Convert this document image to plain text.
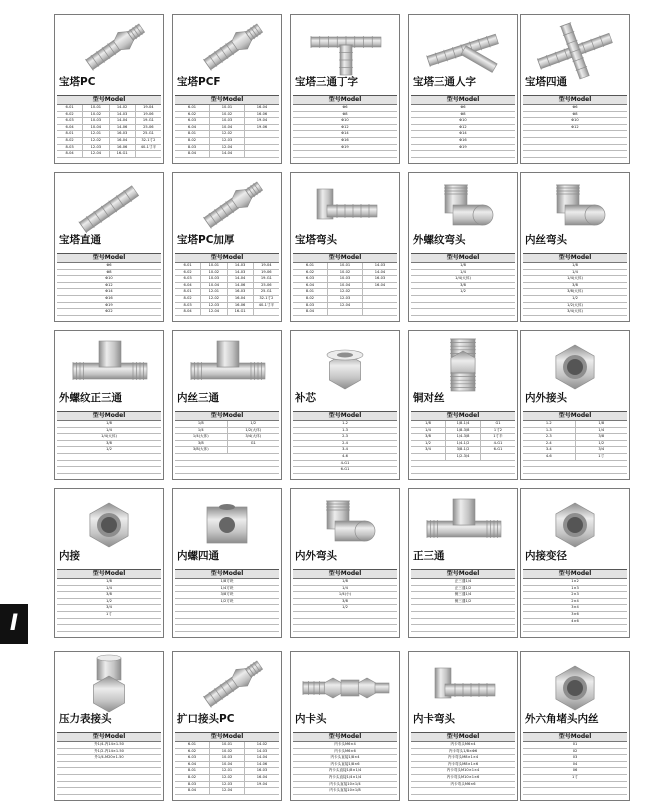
宝塔PC
型号Model
6-01	10-01	14-02	19-04
6-02	10-02	14-03	19-06
6-03	10-03	14-04	19-G1
6-04	10-04	14-06	25-06
8-01	12-01	16-03	25-G1
8-02	12-02	16-04	32-1寸2
8-03	12-03	16-06	40-1寸半
8-04	12-04	16-G1
宝塔PCF
型号Model
6-01	10-01	16-04
6-02	10-02	16-06
6-03	10-03	19-04
6-04	10-04	19-06
8-01	12-02
8-02	12-03
8-03	12-04
8-04	14-04
宝塔三通丁字
型号Model
Φ6
Φ8
Φ10
Φ12
Φ14
Φ16
Φ19
宝塔三通人字
型号Model
Φ6
Φ8
Φ10
Φ12
Φ14
Φ16
Φ19
宝塔四通
型号Model
Φ6
Φ8
Φ10
Φ12
宝塔直通
型号Model
Φ6
Φ8
Φ10
Φ12
Φ14
Φ16
Φ19
Φ22
宝塔PC加厚
型号Model
6-01	10-01	14-03	19-04
6-02	10-02	14-03	19-06
6-03	10-03	14-04	19-G1
6-04	10-04	14-06	25-06
8-01	12-01	16-03	25-G1
8-02	12-02	16-04	32-1寸2
8-03	12-03	16-06	40-1寸半
8-04	12-04	16-G1
宝塔弯头
型号Model
6-01	10-01	14-03
6-02	10-02	14-04
6-03	10-03	16-03
6-04	10-04	16-04
8-01	12-02
8-02	12-03
8-03	12-04
8-04
外螺纹弯头
型号Model
1/8
1/4
1/4(大体)
3/8
1/2
内丝弯头
型号Model
1/8
1/4
1/4(大体)
3/8
3/8(大体)
1/2
1/2(大体)
3/4(大体)
外螺纹正三通
型号Model
1/8
1/4
1/4(大体)
3/8
1/2
内丝三通
型号Model
1/8	1/2
1/4	1/2(大体)
1/4(大体)	3/4(大体)
3/8	G1
3/8(大体)
补芯
型号Model
1-2
1-3
2-3
2-4
3-4
4-6
4-G1
6-G1
铜对丝
型号Model
1/8	1/8-1/4	G1
1/4	1/8-3/8	1寸2
3/8	1/4-3/8	1寸半
1/2	1/4-1/2	4-G1
3/4	3/8-1/2	6-G1
1/2-3/4
内外接头
型号Model
1-2	1/8
1-3	1/4
2-3	3/8
2-4	1/2
3-4	3/4
4-6	1寸
内接
型号Model
1/8
1/4
3/8
1/2
3/4
1寸
内螺四通
型号Model
1/8方块
1/4方块
3/8方块
1/2方块
内外弯头
型号Model
1/8
1/4
1/4(小)
3/8
1/2
正三通
型号Model
正三通1/4
正三通1/2
侧三通1/4
侧三通1/2
内接变径
型号Model
1×2
1×3
2×3
2×4
3×4
3×6
4×6
压力表接头
型号Model
外1/4-内14×1.50
外1/2-内14×1.50
外1/4-M20×1.50
扩口接头PC
型号Model
6-01	10-01	14-02
6-02	10-02	14-03
6-03	10-03	14-04
6-04	10-04	14-06
8-01	12-01	16-03
8-02	12-02	16-04
8-03	12-03	19-04
8-04	12-04
内卡头
型号Model
内卡头M6×4
内卡头M6×6
内卡头直接1/8×4
内卡头直接1/8×6
内卡头直接1/8×1/4
内卡头直接1/4×1/4
内卡头直接10×1/4
内卡头直接10×1/8
内卡弯头
型号Model
内卡弯头M6×4
内卡弯头1/8×Φ6
内卡弯头M8×1×4
内卡弯头M8×1×6
内卡弯头M10×1×4
内卡弯头M10×1×6
内卡弯头M6×6
外六角堵头内丝
型号Model
01
02
03
04
06
1寸
I
